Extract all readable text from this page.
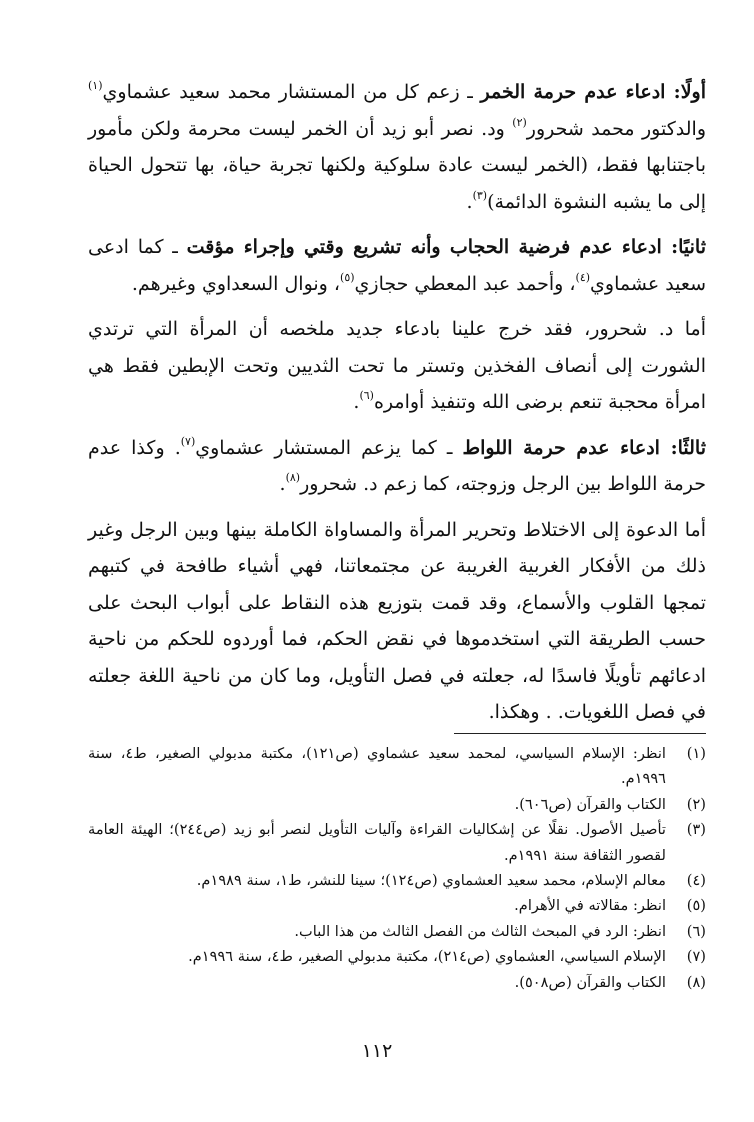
أولًا: ادعاء عدم حرمة الخمر ـ زعم كل من المستشار محمد سعيد عشماوي$^{(١)}$ والدكتور محمد شحرور$^{(٢)}$ ود. نصر أبو زيد أن الخمر ليست محرمة ولكن مأمور باجتنابها فقط، (الخمر ليست عادة سلوكية ولكنها تجربة حياة، بها تتحول الحياة إلى ما يشبه النشوة الدائمة)$^{(٣)}$.

ثانيًا: ادعاء عدم فرضية الحجاب وأنه تشريع وقتي وإجراء مؤقت ـ كما ادعى سعيد عشماوي$^{(٤)}$، وأحمد عبد المعطي حجازي$^{(٥)}$، ونوال السعداوي وغيرهم.

أما د. شحرور، فقد خرج علينا بادعاء جديد ملخصه أن المرأة التي ترتدي الشورت إلى أنصاف الفخذين وتستر ما تحت الثديين وتحت الإبطين فقط هي امرأة محجبة تنعم برضى الله وتنفيذ أوامره$^{(٦)}$.

ثالثًا: ادعاء عدم حرمة اللواط ـ كما يزعم المستشار عشماوي$^{(٧)}$. وكذا عدم حرمة اللواط بين الرجل وزوجته، كما زعم د. شحرور$^{(٨)}$.

أما الدعوة إلى الاختلاط وتحرير المرأة والمساواة الكاملة بينها وبين الرجل وغير ذلك من الأفكار الغربية الغريبة عن مجتمعاتنا، فهي أشياء طافحة في كتبهم تمجها القلوب والأسماع، وقد قمت بتوزيع هذه النقاط على أبواب البحث على حسب الطريقة التي استخدموها في نقض الحكم، فما أوردوه للحكم من ناحية ادعائهم تأويلًا فاسدًا له، جعلته في فصل التأويل، وما كان من ناحية اللغة جعلته في فصل اللغويات. . وهكذا.

(١)
انظر: الإسلام السياسي، لمحمد سعيد عشماوي (ص١٢١)، مكتبة مدبولي الصغير، ط٤، سنة ١٩٩٦م.
(٢)
الكتاب والقرآن (ص٦٠٦).
(٣)
تأصيل الأصول. نقلًا عن إشكاليات القراءة وآليات التأويل لنصر أبو زيد (ص٢٤٤)؛ الهيئة العامة لقصور الثقافة سنة ١٩٩١م.
(٤)
معالم الإسلام، محمد سعيد العشماوي (ص١٢٤)؛ سينا للنشر، ط١، سنة ١٩٨٩م.
(٥)
انظر: مقالاته في الأهرام.
(٦)
انظر: الرد في المبحث الثالث من الفصل الثالث من هذا الباب.
(٧)
الإسلام السياسي، العشماوي (ص٢١٤)، مكتبة مدبولي الصغير، ط٤، سنة ١٩٩٦م.
(٨)
الكتاب والقرآن (ص٥٠٨).
١١٢
